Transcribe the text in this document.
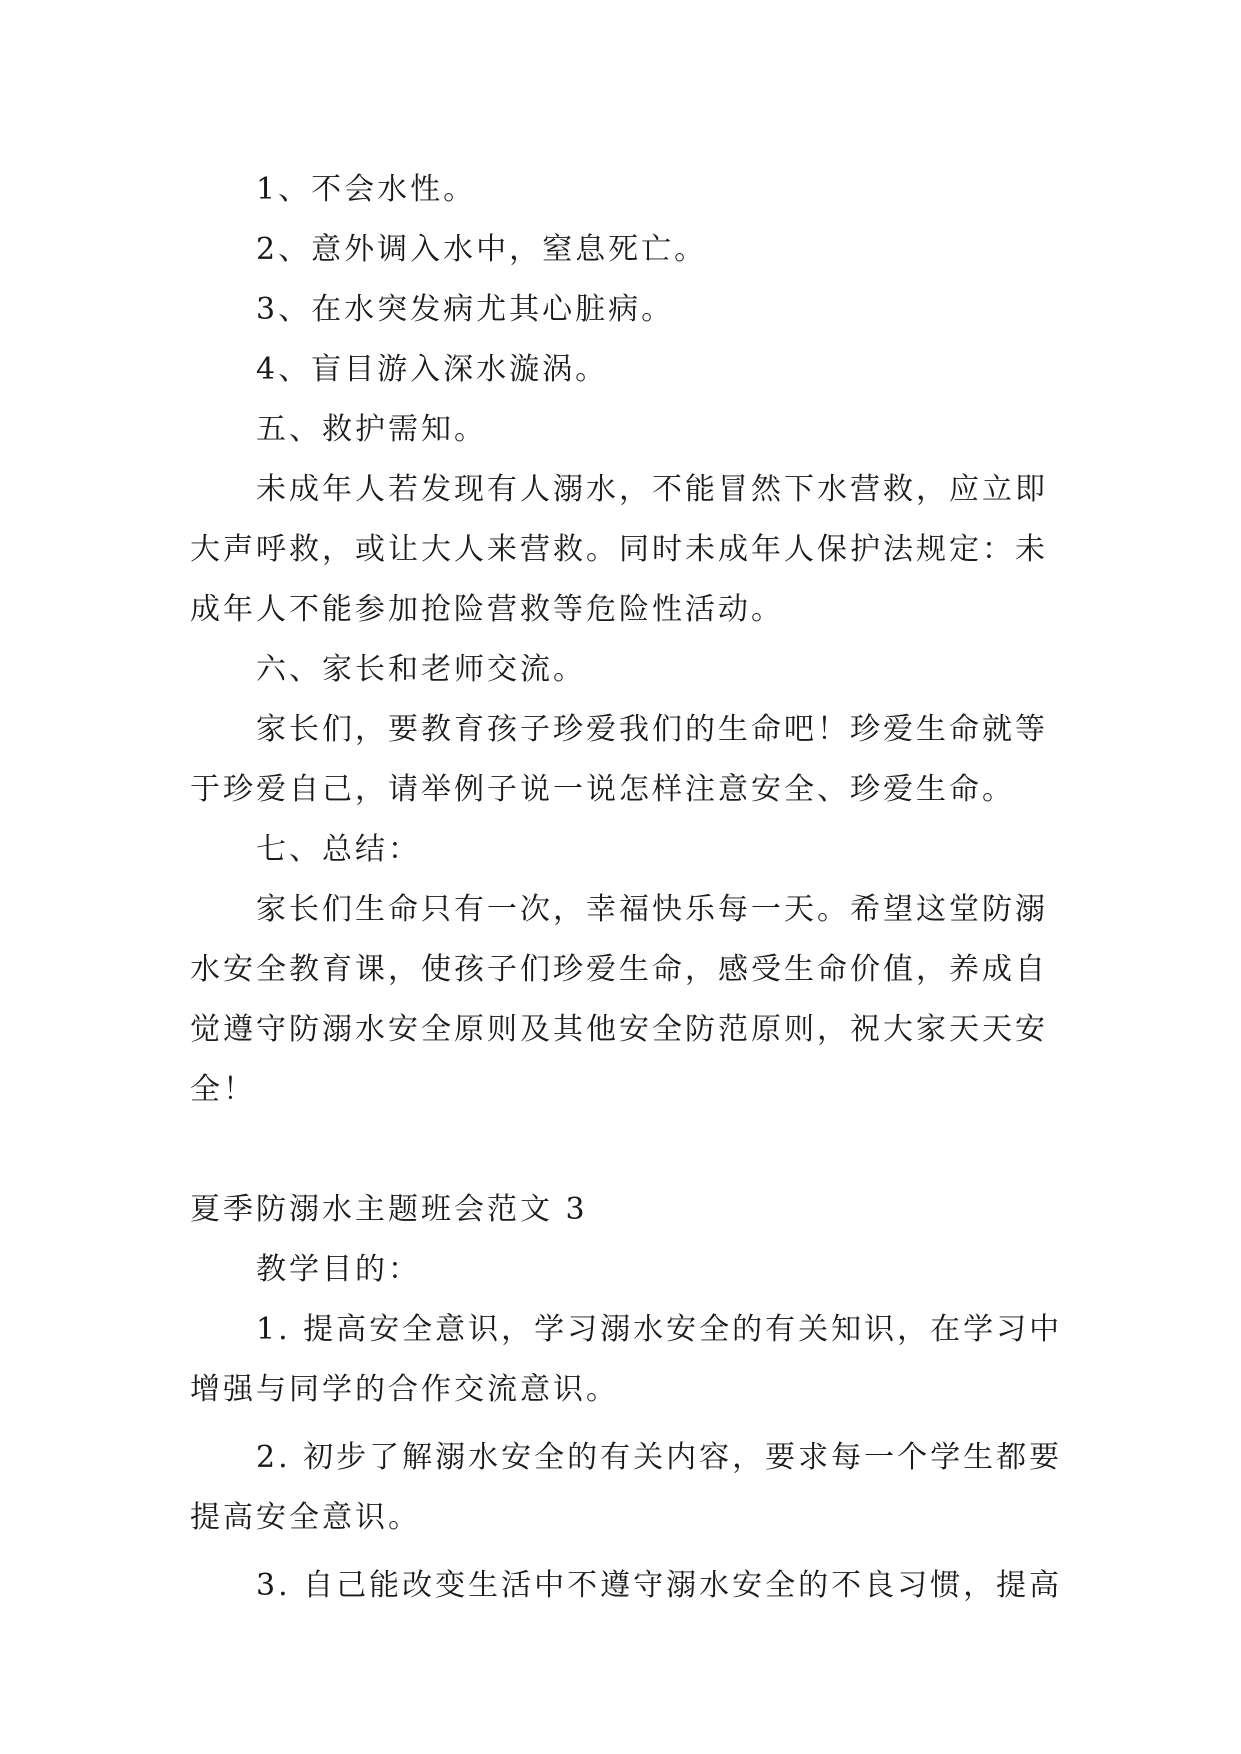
1、不会水性。

2、意外调入水中，窒息死亡。

3、在水突发病尤其心脏病。

4、盲目游入深水漩涡。

五、救护需知。

未成年人若发现有人溺水，不能冒然下水营救，应立即
大声呼救，或让大人来营救。同时未成年人保护法规定：未
成年人不能参加抢险营救等危险性活动。

六、家长和老师交流。

家长们，要教育孩子珍爱我们的生命吧！珍爱生命就等
于珍爱自己，请举例子说一说怎样注意安全、珍爱生命。

七、总结：

家长们生命只有一次，幸福快乐每一天。希望这堂防溺
水安全教育课，使孩子们珍爱生命，感受生命价值，养成自
觉遵守防溺水安全原则及其他安全防范原则，祝大家天天安
全！

夏季防溺水主题班会范文 3

教学目的：

1. 提高安全意识，学习溺水安全的有关知识，在学习中
增强与同学的合作交流意识。
2. 初步了解溺水安全的有关内容，要求每一个学生都要
提高安全意识。
3. 自己能改变生活中不遵守溺水安全的不良习惯，提高
